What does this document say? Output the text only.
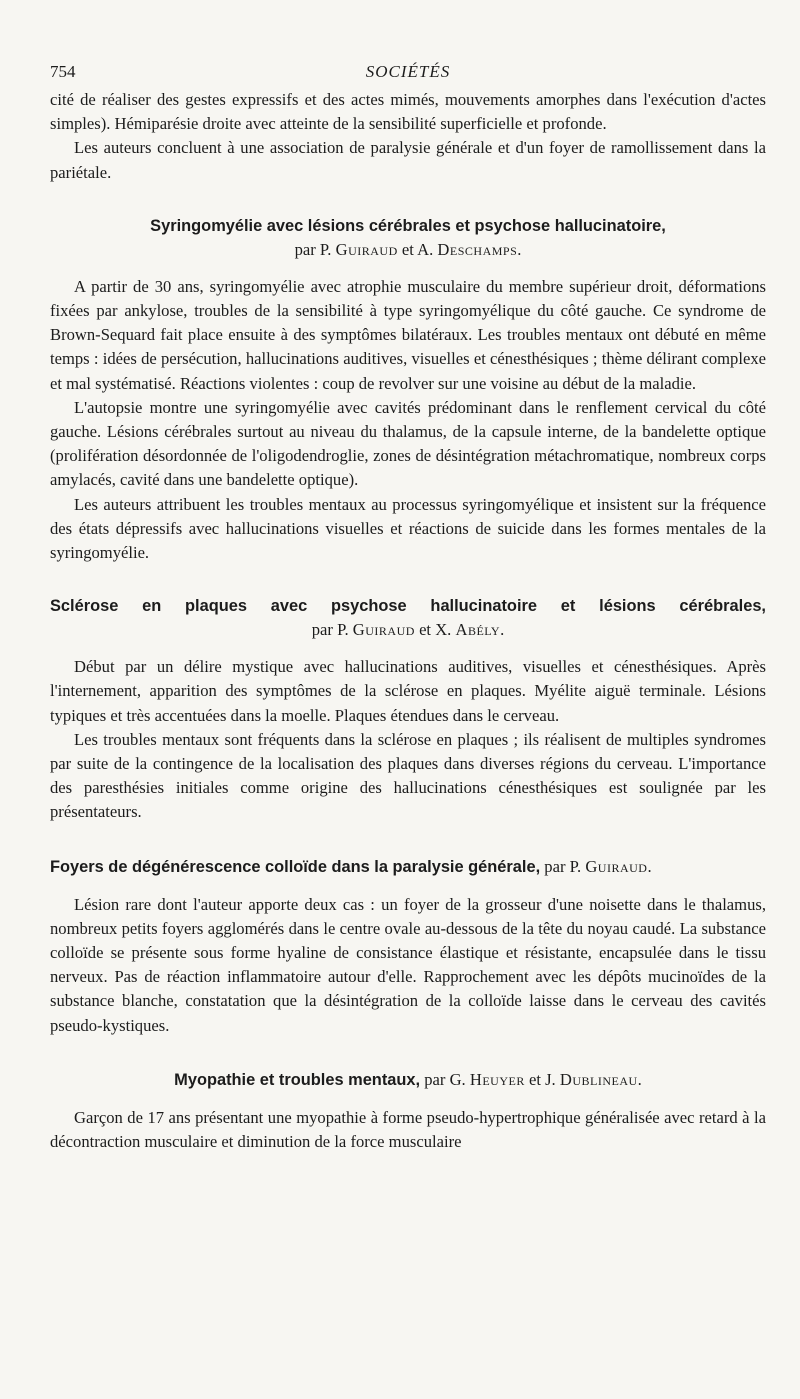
754	SOCIÉTÉS

cité de réaliser des gestes expressifs et des actes mimés, mouvements amorphes dans l'exécution d'actes simples). Hémiparésie droite avec atteinte de la sensibilité superficielle et profonde.

Les auteurs concluent à une association de paralysie générale et d'un foyer de ramollissement dans la pariétale.

Syringomyélie avec lésions cérébrales et psychose hallucinatoire,
par P. Guiraud et A. Deschamps.

A partir de 30 ans, syringomyélie avec atrophie musculaire du membre supérieur droit, déformations fixées par ankylose, troubles de la sensibilité à type syringomyélique du côté gauche. Ce syndrome de Brown-Sequard fait place ensuite à des symptômes bilatéraux. Les troubles mentaux ont débuté en même temps : idées de persécution, hallucinations auditives, visuelles et cénesthésiques ; thème délirant complexe et mal systématisé. Réactions violentes : coup de revolver sur une voisine au début de la maladie.

L'autopsie montre une syringomyélie avec cavités prédominant dans le renflement cervical du côté gauche. Lésions cérébrales surtout au niveau du thalamus, de la capsule interne, de la bandelette optique (prolifération désordonnée de l'oligodendroglie, zones de désintégration métachromatique, nombreux corps amylacés, cavité dans une bandelette optique).

Les auteurs attribuent les troubles mentaux au processus syringomyélique et insistent sur la fréquence des états dépressifs avec hallucinations visuelles et réactions de suicide dans les formes mentales de la syringomyélie.

Sclérose en plaques avec psychose hallucinatoire et lésions cérébrales,
par P. Guiraud et X. Abély.

Début par un délire mystique avec hallucinations auditives, visuelles et cénesthésiques. Après l'internement, apparition des symptômes de la sclérose en plaques. Myélite aiguë terminale. Lésions typiques et très accentuées dans la moelle. Plaques étendues dans le cerveau.

Les troubles mentaux sont fréquents dans la sclérose en plaques ; ils réalisent de multiples syndromes par suite de la contingence de la localisation des plaques dans diverses régions du cerveau. L'importance des paresthésies initiales comme origine des hallucinations cénesthésiques est soulignée par les présentateurs.

Foyers de dégénérescence colloïde dans la paralysie générale, par P. Guiraud.

Lésion rare dont l'auteur apporte deux cas : un foyer de la grosseur d'une noisette dans le thalamus, nombreux petits foyers agglomérés dans le centre ovale au-dessous de la tête du noyau caudé. La substance colloïde se présente sous forme hyaline de consistance élastique et résistante, encapsulée dans le tissu nerveux. Pas de réaction inflammatoire autour d'elle. Rapprochement avec les dépôts mucinoïdes de la substance blanche, constatation que la désintégration de la colloïde laisse dans le cerveau des cavités pseudo-kystiques.

Myopathie et troubles mentaux, par G. Heuyer et J. Dublineau.

Garçon de 17 ans présentant une myopathie à forme pseudo-hypertrophique généralisée avec retard à la décontraction musculaire et diminution de la force musculaire
